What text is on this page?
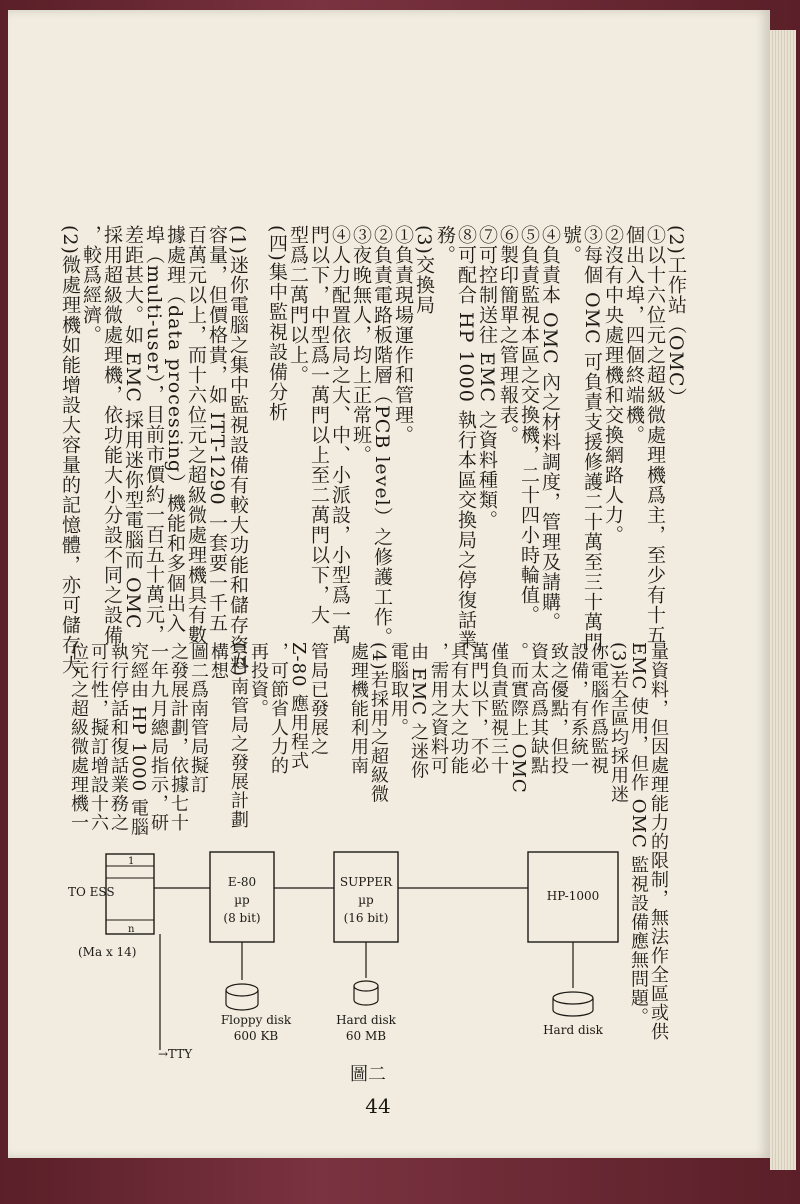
(2)工作站（OMC）
①以十六位元之超級微處理機爲主，至少有十五
個出入埠，四個終端機。
②沒有中央處理機和交換網路人力。
③每個 OMC 可負責支援修護二十萬至三十萬門
號。
④負責本 OMC 內之材料調度，管理及請購。
⑤負責監視本區之交換機，二十四小時輪值。
⑥製印簡單之管理報表。
⑦可控制送往 EMC 之資料種類。
⑧可配合 HP 1000 執行本區交換局之停復話業
務。
(3)交換局
①負責現場運作和管理。
②負責電路板階層（PCB level）之修護工作。
③夜晚無人，均上正常班。
④人力配置依局之大、中、小派設，小型爲一萬
門以下，中型爲一萬門以上至二萬門以下，大
型爲二萬門以上。
(四)集中監視設備分析
(1)迷你電腦之集中監視設備有較大功能和儲存資料
容量，但價格貴，如 ITT-1290 一套要一千五
百萬元以上，而十六位元之超級微處理機具有數
據處理（data processing）機能和多個出入
埠（multi-user），目前市價約一百五十萬元，
差距甚大。如 EMC 採用迷你型電腦而 OMC
採用超級微處理機，依功能大小分設不同之設備
，較爲經濟。
(2)微處理機如能增設大容量的記憶體，亦可儲存大
量資料，但因處理能力的限制，無法作全區或供
EMC 使用，但作 OMC 監視設備應無問題。
(3)若全區均採用迷
你電腦作爲監視
設備，有系統一
致之優點，但投
資太高爲其缺點
。而實際上 OMC
僅負責監視三十
萬門以下，不必
具有太大之功能
，需用之資料可
由 EMC 之迷你
電腦取用。
(4)若採用之超級微
處理機能利用南
管局已發展之
Z-80 應用程式
，可節省人力的
再投資。
(五)南管局之發展計劃
構想
圖二爲南管局擬訂
之發展計劃，依據七十
一年九月總局指示，研
究經由 HP 1000 電腦
執行停話和復話業務之
可行性，擬訂增設十六
位元之超級微處理機一
TO ESS
1
n
(Ma x 14)
→TTY
E-80
µp
(8 bit)
SUPPER
µp
(16 bit)
HP-1000
Floppy disk
600 KB
Hard disk
60 MB	Hard disk
圖二
44
